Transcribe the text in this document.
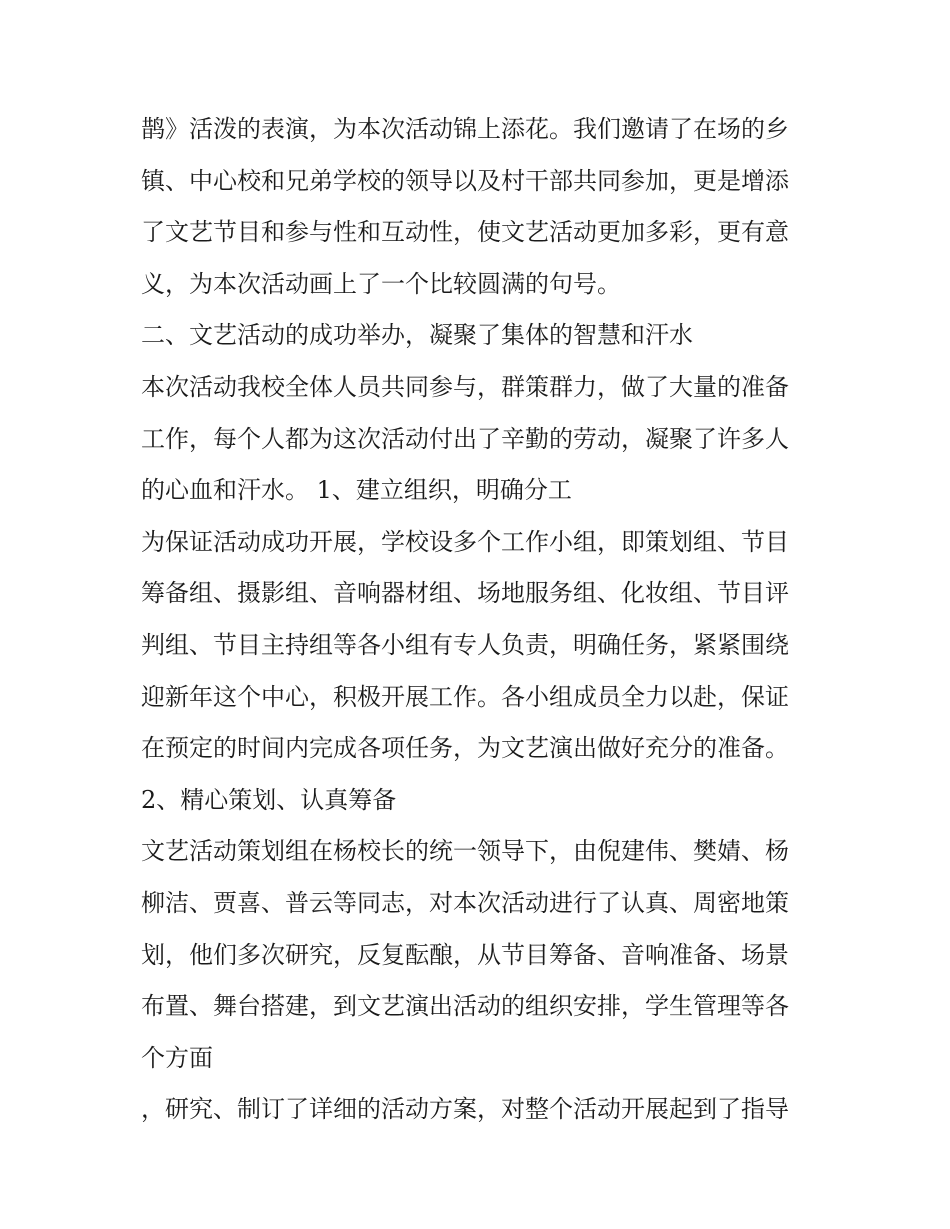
鹊》活泼的表演，为本次活动锦上添花。我们邀请了在场的乡
镇、中心校和兄弟学校的领导以及村干部共同参加，更是增添
了文艺节目和参与性和互动性，使文艺活动更加多彩，更有意
义，为本次活动画上了一个比较圆满的句号。
二、文艺活动的成功举办，凝聚了集体的智慧和汗水
本次活动我校全体人员共同参与，群策群力，做了大量的准备
工作，每个人都为这次活动付出了辛勤的劳动，凝聚了许多人
的心血和汗水。 1、建立组织，明确分工
为保证活动成功开展，学校设多个工作小组，即策划组、节目
筹备组、摄影组、音响器材组、场地服务组、化妆组、节目评
判组、节目主持组等各小组有专人负责，明确任务，紧紧围绕
迎新年这个中心，积极开展工作。各小组成员全力以赴，保证
在预定的时间内完成各项任务，为文艺演出做好充分的准备。
2、精心策划、认真筹备
文艺活动策划组在杨校长的统一领导下，由倪建伟、樊婧、杨
柳洁、贾喜、普云等同志，对本次活动进行了认真、周密地策
划，他们多次研究，反复酝酿，从节目筹备、音响准备、场景
布置、舞台搭建，到文艺演出活动的组织安排，学生管理等各
个方面
，研究、制订了详细的活动方案，对整个活动开展起到了指导
